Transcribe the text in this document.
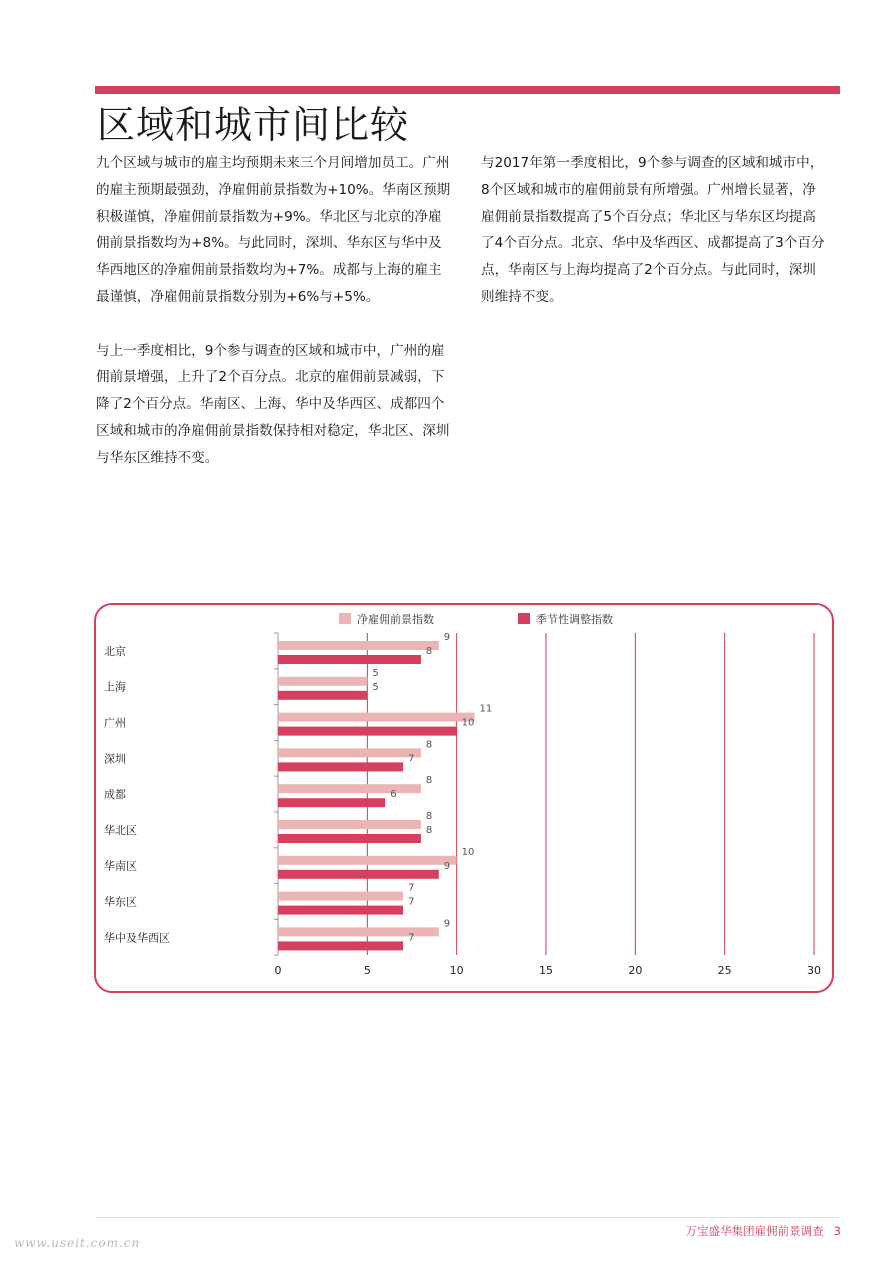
区域和城市间比较

九个区域与城市的雇主均预期未来三个月间增加员工。广州的雇主预期最强劲，净雇佣前景指数为+10%。华南区预期积极谨慎，净雇佣前景指数为+9%。华北区与北京的净雇佣前景指数均为+8%。与此同时，深圳、华东区与华中及华西地区的净雇佣前景指数均为+7%。成都与上海的雇主最谨慎，净雇佣前景指数分别为+6%与+5%。

与上一季度相比，9个参与调查的区域和城市中，广州的雇佣前景增强，上升了2个百分点。北京的雇佣前景减弱，下降了2个百分点。华南区、上海、华中及华西区、成都四个区域和城市的净雇佣前景指数保持相对稳定，华北区、深圳与华东区维持不变。

与2017年第一季度相比，9个参与调查的区域和城市中，8个区域和城市的雇佣前景有所增强。广州增长显著，净雇佣前景指数提高了5个百分点；华北区与华东区均提高了4个百分点。北京、华中及华西区、成都提高了3个百分点，华南区与上海均提高了2个百分点。与此同时，深圳则维持不变。

净雇佣前景指数	季节性调整指数
北京
9
8
上海
5
5
广州
11
10
深圳
8
7
成都
8
6
华北区
8
8
华南区
10
9
华东区
7
7
华中及华西区
9
7
0	5	10	15	20	25	30
万宝盛华集团雇佣前景调查 3
www.useit.com.cn
